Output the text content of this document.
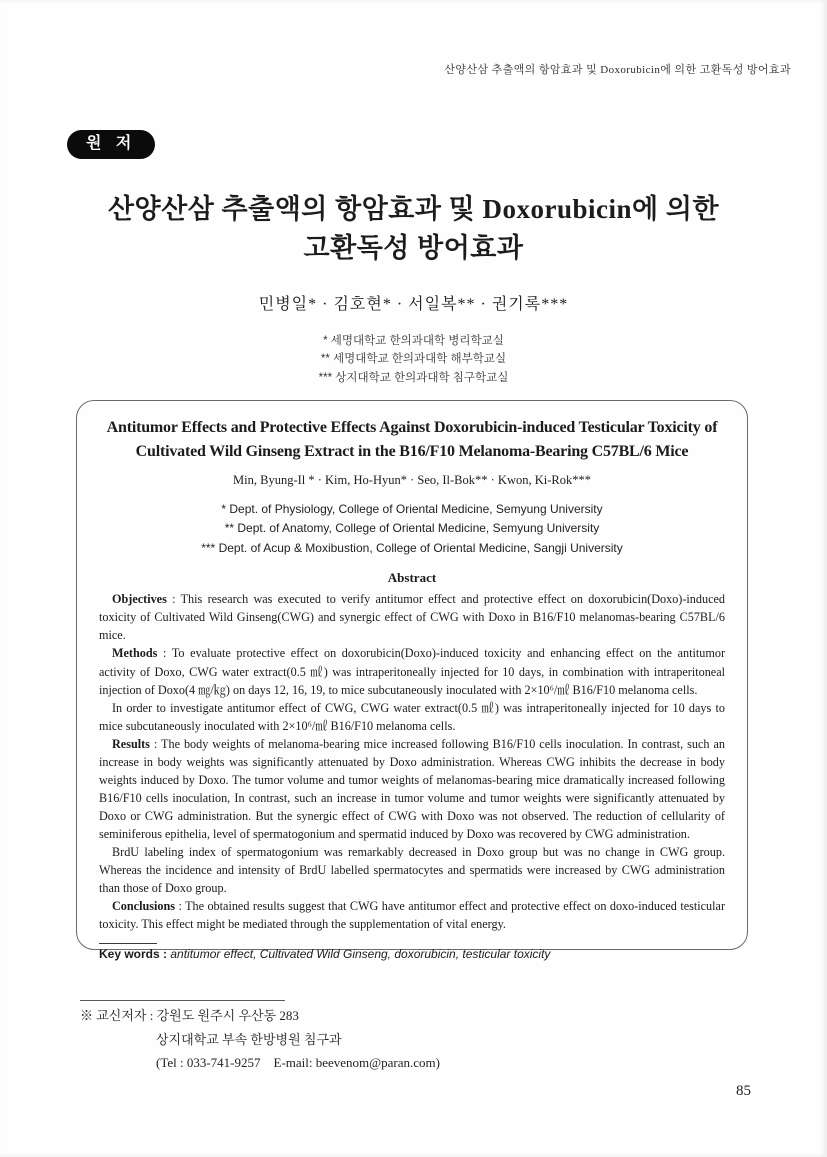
산양산삼 추출액의 항암효과 및 Doxorubicin에 의한 고환독성 방어효과
원 저
산양산삼 추출액의 항암효과 및 Doxorubicin에 의한
고환독성 방어효과
민병일* · 김호현* · 서일복** · 권기록***
* 세명대학교 한의과대학 병리학교실
** 세명대학교 한의과대학 해부학교실
*** 상지대학교 한의과대학 침구학교실
Antitumor Effects and Protective Effects Against Doxorubicin-induced Testicular Toxicity of
Cultivated Wild Ginseng Extract in the B16/F10 Melanoma-Bearing C57BL/6 Mice
Min, Byung-Il * · Kim, Ho-Hyun* · Seo, Il-Bok** · Kwon, Ki-Rok***
* Dept. of Physiology, College of Oriental Medicine, Semyung University
** Dept. of Anatomy, College of Oriental Medicine, Semyung University
*** Dept. of Acup & Moxibustion, College of Oriental Medicine, Sangji University
Abstract

Objectives : This research was executed to verify antitumor effect and protective effect on doxorubicin(Doxo)-induced toxicity of Cultivated Wild Ginseng(CWG) and synergic effect of CWG with Doxo in B16/F10 melanomas-bearing C57BL/6 mice.

Methods : To evaluate protective effect on doxorubicin(Doxo)-induced toxicity and enhancing effect on the antitumor activity of Doxo, CWG water extract(0.5 ㎖) was intraperitoneally injected for 10 days, in combination with intraperitoneal injection of Doxo(4 ㎎/㎏) on days 12, 16, 19, to mice subcutaneously inoculated with 2×10⁶/㎖ B16/F10 melanoma cells.

In order to investigate antitumor effect of CWG, CWG water extract(0.5 ㎖) was intraperitoneally injected for 10 days to mice subcutaneously inoculated with 2×10⁶/㎖ B16/F10 melanoma cells.

Results : The body weights of melanoma-bearing mice increased following B16/F10 cells inoculation. In contrast, such an increase in body weights was significantly attenuated by Doxo administration. Whereas CWG inhibits the decrease in body weights induced by Doxo. The tumor volume and tumor weights of melanomas-bearing mice dramatically increased following B16/F10 cells inoculation, In contrast, such an increase in tumor volume and tumor weights were significantly attenuated by Doxo or CWG administration. But the synergic effect of CWG with Doxo was not observed. The reduction of cellularity of seminiferous epithelia, level of spermatogonium and spermatid induced by Doxo was recovered by CWG administration.

BrdU labeling index of spermatogonium was remarkably decreased in Doxo group but was no change in CWG group. Whereas the incidence and intensity of BrdU labelled spermatocytes and spermatids were increased by CWG administration than those of Doxo group.

Conclusions : The obtained results suggest that CWG have antitumor effect and protective effect on doxo-induced testicular toxicity. This effect might be mediated through the supplementation of vital energy.

Key words : antitumor effect, Cultivated Wild Ginseng, doxorubicin, testicular toxicity
※ 교신저자 : 강원도 원주시 우산동 283
상지대학교 부속 한방병원 침구과
(Tel : 033-741-9257    E-mail: beevenom@paran.com)
85
